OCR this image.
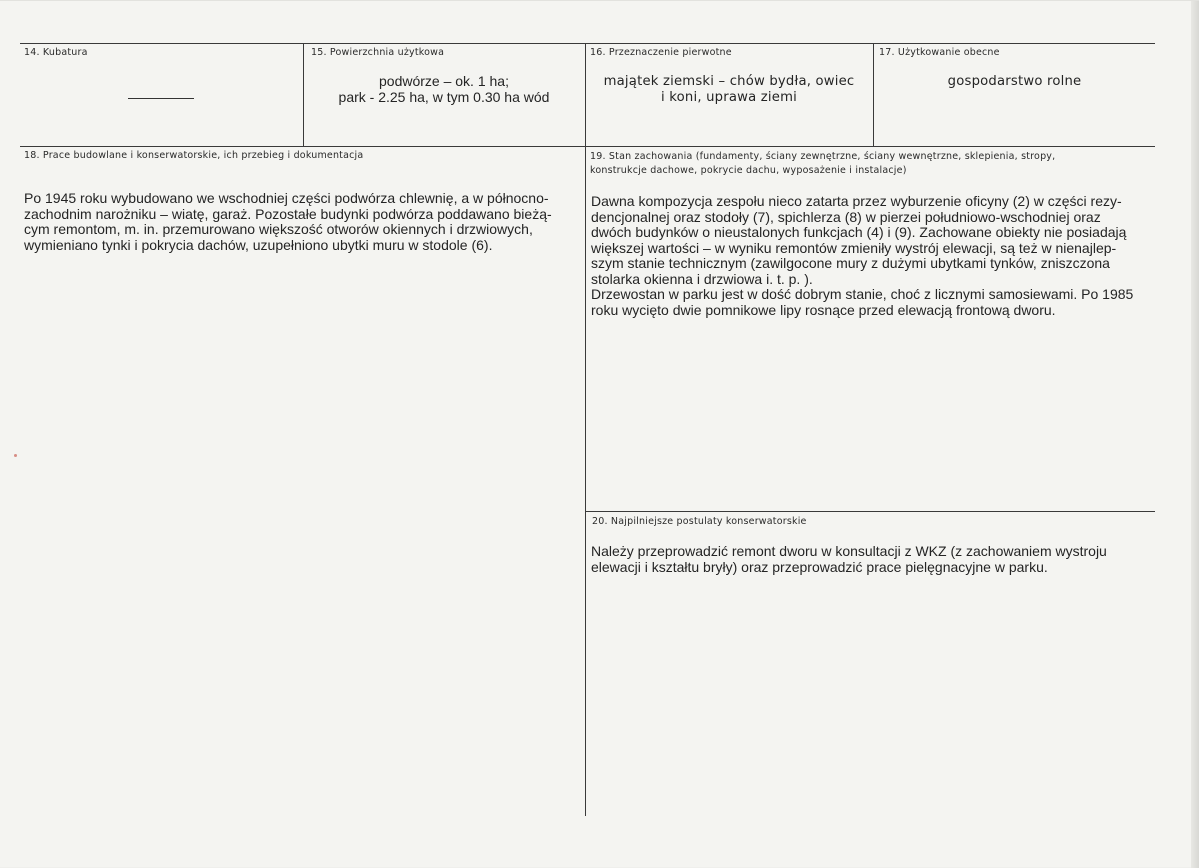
14. Kubatura	15. Powierzchnia użytkowa
podwórze – ok. 1 ha;
park - 2.25 ha, w tym 0.30 ha wód
16. Przeznaczenie pierwotne
majątek ziemski – chów bydła, owiec
i koni, uprawa ziemi
17. Użytkowanie obecne
gospodarstwo rolne
18. Prace budowlane i konserwatorskie, ich przebieg i dokumentacja
Po 1945 roku wybudowano we wschodniej części podwórza chlewnię, a w północno-
zachodnim narożniku – wiatę, garaż. Pozostałe budynki podwórza poddawano bieżą-
cym remontom, m. in. przemurowano większość otworów okiennych i drzwiowych,
wymieniano tynki i pokrycia dachów, uzupełniono ubytki muru w stodole (6).
19. Stan zachowania (fundamenty, ściany zewnętrzne, ściany wewnętrzne, sklepienia, stropy,
konstrukcje dachowe, pokrycie dachu, wyposażenie i instalacje)
Dawna kompozycja zespołu nieco zatarta przez wyburzenie oficyny (2) w części rezy-
dencjonalnej oraz stodoły (7), spichlerza (8) w pierzei południowo-wschodniej oraz
dwóch budynków o nieustalonych funkcjach (4) i (9). Zachowane obiekty nie posiadają
większej wartości – w wyniku remontów zmieniły wystrój elewacji, są też w nienajlep-
szym stanie technicznym (zawilgocone mury z dużymi ubytkami tynków, zniszczona
stolarka okienna i drzwiowa i. t. p. ).
Drzewostan w parku jest w dość dobrym stanie, choć z licznymi samosiewami. Po 1985
roku wycięto dwie pomnikowe lipy rosnące przed elewacją frontową dworu.
20. Najpilniejsze postulaty konserwatorskie
Należy przeprowadzić remont dworu w konsultacji z WKZ (z zachowaniem wystroju
elewacji i kształtu bryły) oraz przeprowadzić prace pielęgnacyjne w parku.
